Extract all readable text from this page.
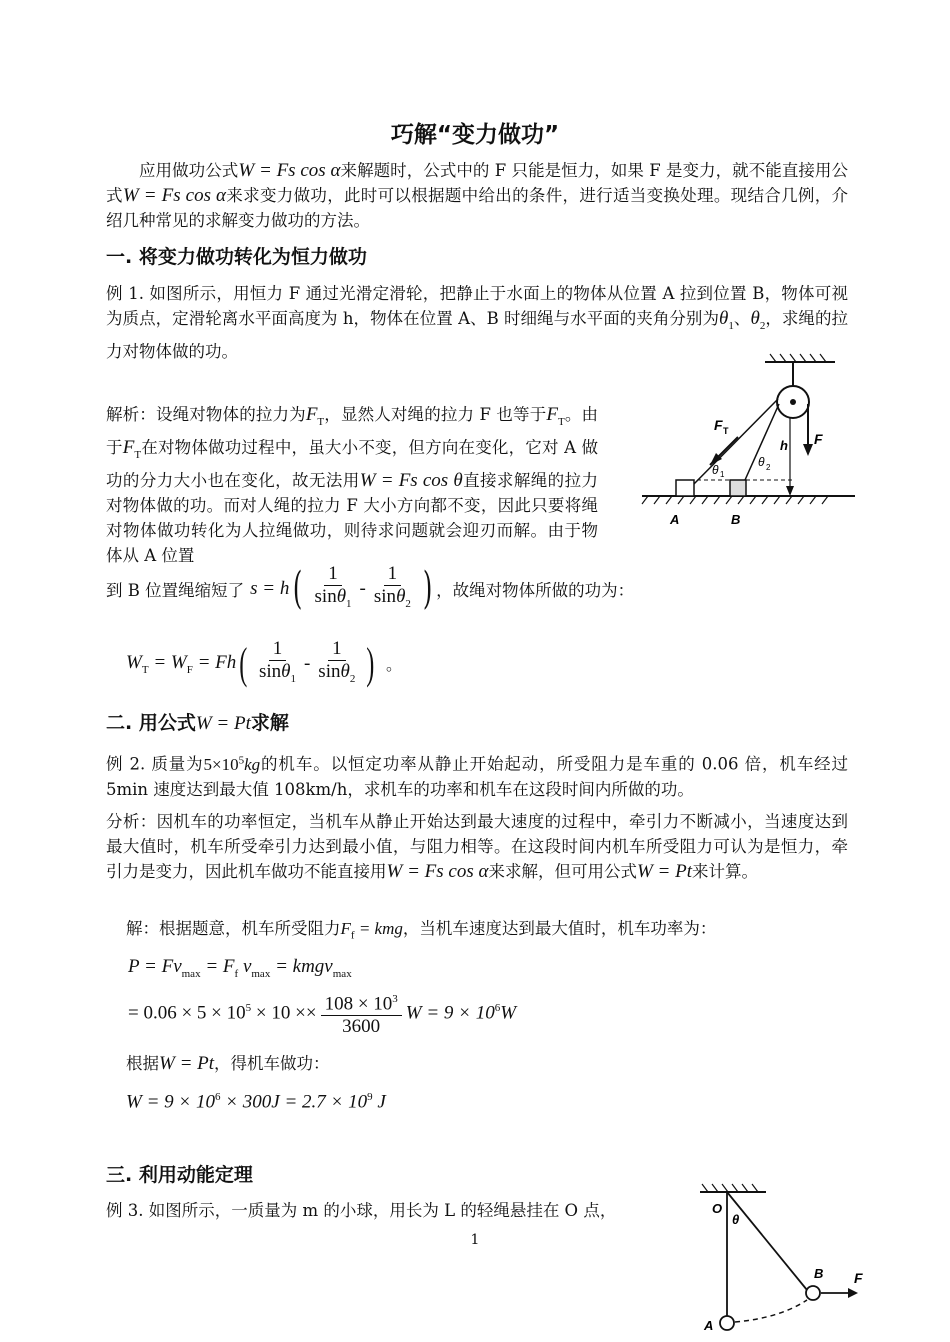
巧解“变力做功”
应用做功公式W = Fs cos α来解题时，公式中的 F 只能是恒力，如果 F 是变力，就不能直接用公式W = Fs cos α来求变力做功，此时可以根据题中给出的条件，进行适当变换处理。现结合几例，介绍几种常见的求解变力做功的方法。
一. 将变力做功转化为恒力做功
例 1. 如图所示，用恒力 F 通过光滑定滑轮，把静止于水面上的物体从位置 A 拉到位置 B，物体可视为质点，定滑轮离水平面高度为 h，物体在位置 A、B 时细绳与水平面的夹角分别为$\theta_1$、$\theta_2$，求绳的拉力对物体做的功。
解析：设绳对物体的拉力为$F_T$，显然人对绳的拉力 F 也等于$F_T$。由于$F_T$在对物体做功过程中，虽大小不变，但方向在变化，它对 A 做功的分力大小也在变化，故无法用W = Fs cos θ直接求解绳的拉力对物体做的功。而对人绳的拉力 F 大小方向都不变，因此只要将绳对物体做功转化为人拉绳做功，则待求问题就会迎刃而解。由于物体从 A 位置
到 B 位置绳缩短了 s = h ( $\frac{1}{\sin\theta_1} - \frac{1}{\sin\theta_2}$ ) ，故绳对物体所做的功为：
$W_T = W_F = Fh$ ( $\frac{1}{\sin\theta_1} - \frac{1}{\sin\theta_2}$ ) 。
θ 1
θ 2
F T	F
h
A	B
二. 用公式W = Pt求解
例 2. 质量为$5\times 10^5kg$的机车。以恒定功率从静止开始起动，所受阻力是车重的 0.06 倍，机车经过 5min 速度达到最大值 108km/h，求机车的功率和机车在这段时间内所做的功。
分析：因机车的功率恒定，当机车从静止开始达到最大速度的过程中，牵引力不断减小，当速度达到最大值时，机车所受牵引力达到最小值，与阻力相等。在这段时间内机车所受阻力可认为是恒力，牵引力是变力，因此机车做功不能直接用W = Fs cos α来求解，但可用公式W = Pt来计算。
解：根据题意，机车所受阻力$F_f$ = kmg，当机车速度达到最大值时，机车功率为：
$P = Fv_{max} = F_f$ $v_{max}$ = kmgv$_{max}$
= $0.06 \times 5 \times 10^5 \times 10 \times\times \frac{108 \times 10^3}{3600}$ $W = 9 \times 10^6W$
根据W = Pt，得机车做功：
$W = 9 \times 10^6 \times 300J = 2.7 \times 10^9$ J
三. 利用动能定理
例 3. 如图所示，一质量为 m 的小球，用长为 L 的轻绳悬挂在 O 点，	O
θ
B F
A
1
